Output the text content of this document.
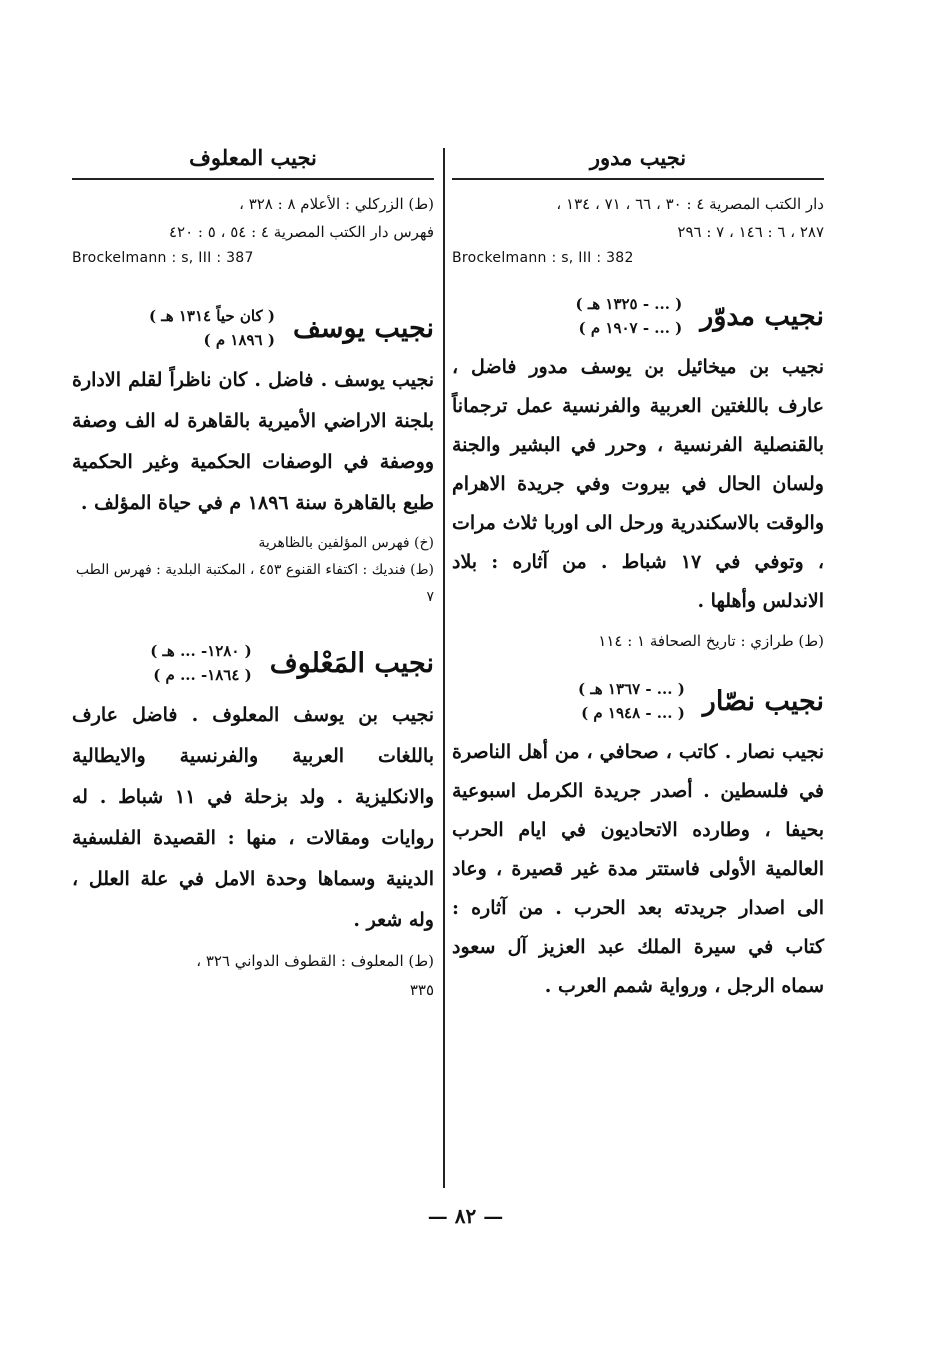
نجيب مدور
دار الكتب المصرية ٤ : ٣٠ ، ٦٦ ، ٧١ ، ١٣٤ ،
٢٨٧ ، ٦ : ١٤٦ ، ٧ : ٢٩٦
Brockelmann : s, III : 382
نجيب مدوّر
( ... - ١٣٢٥ هـ )
( ... - ١٩٠٧ م )
نجيب بن ميخائيل بن يوسف مدور فاضل ، عارف باللغتين العربية والفرنسية عمل ترجماناً بالقنصلية الفرنسية ، وحرر في البشير والجنة ولسان الحال في بيروت وفي جريدة الاهرام والوقت بالاسكندرية ورحل الى اوربا ثلاث مرات ، وتوفي في ١٧ شباط . من آثاره : بلاد الاندلس وأهلها .
(ط) طرازي : تاريخ الصحافة ١ : ١١٤
نجيب نصّار
( ... - ١٣٦٧ هـ )
( ... - ١٩٤٨ م )
نجيب نصار . كاتب ، صحافي ، من أهل الناصرة في فلسطين . أصدر جريدة الكرمل اسبوعية بحيفا ، وطارده الاتحاديون في ايام الحرب العالمية الأولى فاستتر مدة غير قصيرة ، وعاد الى اصدار جريدته بعد الحرب . من آثاره : كتاب في سيرة الملك عبد العزيز آل سعود سماه الرجل ، ورواية شمم العرب .
نجيب المعلوف
(ط) الزركلي : الأعلام ٨ : ٣٢٨ ،
فهرس دار الكتب المصرية ٤ : ٥٤ ، ٥ : ٤٢٠
Brockelmann : s, III : 387
نجيب يوسف
( كان حياً ١٣١٤ هـ )
( ١٨٩٦ م )
نجيب يوسف . فاضل . كان ناظراً لقلم الادارة بلجنة الاراضي الأميرية بالقاهرة له الف وصفة ووصفة في الوصفات الحكمية وغير الحكمية طبع بالقاهرة سنة ١٨٩٦ م في حياة المؤلف .
(خ) فهرس المؤلفين بالظاهرية
(ط) فنديك : اكتفاء القنوع ٤٥٣ ، المكتبة البلدية : فهرس الطب ٧
نجيب المَعْلوف
( ١٢٨٠- ... هـ )
( ١٨٦٤- ... م )
نجيب بن يوسف المعلوف . فاضل عارف باللغات العربية والفرنسية والايطالية والانكليزية . ولد بزحلة في ١١ شباط . له روايات ومقالات ، منها : القصيدة الفلسفية الدينية وسماها وحدة الامل في علة العلل ، وله شعر .
(ط) المعلوف : القطوف الدواني ٣٢٦ ،
٣٣٥
— ٨٢ —
